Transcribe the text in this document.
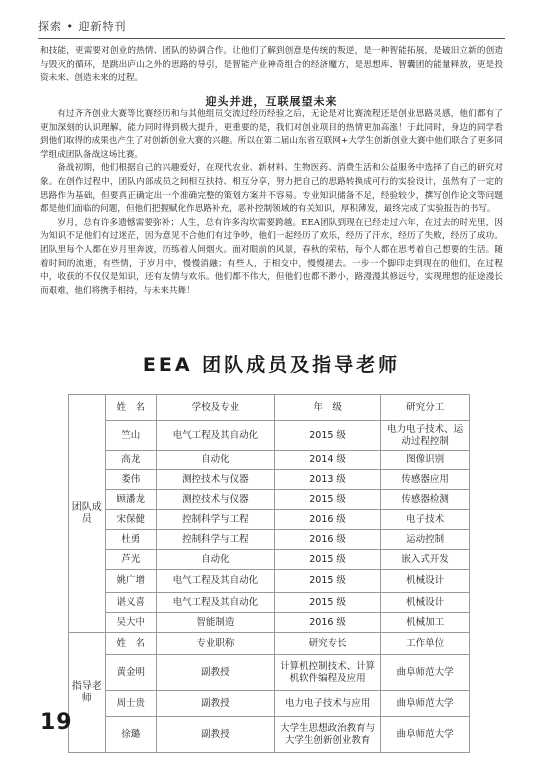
探索 • 迎新特刊
和技能，更需要对创业的热情、团队的协调合作。让他们了解到创意是传统的叛逆，是一种智能拓展，是破旧立新的创造与毁灭的循环，是跳出庐山之外的思路的导引，是智能产业神奇组合的经济魔方，是思想库、智囊团的能量释放，更是投资未来、创造未来的过程。
迎头并进，互联展望未来

有过齐齐创业大赛等比赛经历和与其他组员交流过经历经验之后，无论是对比赛流程还是创业思路灵感，他们都有了更加深刻的认识理解，能力同时得到极大提升，更重要的是，我们对创业项目的热情更加高涨！于此同时，身边的同学看到他们取得的成果也产生了对创新创业大赛的兴趣。所以在第二届山东省互联网+大学生创新创业大赛中他们联合了更多同学组成团队备战这场比赛。

备战初期，他们根据自己的兴趣爱好，在现代农业、新材料、生物医药、消费生活和公益服务中选择了自己的研究对象。在创作过程中，团队内部成员之间相互扶持、相互分享，努力把自己的思路转换成可行的实验设计，虽然有了一定的思路作为基础，但要真正确定出一个准确完整的策划方案并不容易。专业知识储备不足，经验较少，撰写创作论文等问题都是他们面临的问题，但他们把握赋化作思路补充，恶补控制领域的有关知识，厚积薄发，最终完成了实验报告的书写。

岁月，总有许多遗憾需要弥补；人生，总有许多沟坎需要跨越。EEA团队到现在已经走过六年，在过去的时光里，因为知识不足他们有过迷茫，因为意见不合他们有过争吵，他们一起经历了欢乐，经历了汗水，经历了失败，经历了成功。团队里每个人都在岁月里奔波，历练着人间烟火。面对眼前的风景，春秋的荣枯，每个人都在思考着自己想要的生活。随着时间的流逝，有些情，于岁月中，慢慢消融；有些人，于相交中，慢慢褪去。一步一个脚印走到现在的他们，在过程中，收获的不仅仅是知识，还有友情与欢乐。他们都不伟大，但他们也都不渺小，路漫漫其修远兮，实现理想的征途漫长而艰难，他们将携手相持，与未来共舞！

EEA 团队成员及指导老师
团队成员	姓　名	学校及专业	年　级	研究分工
	竺山	电气工程及其自动化	2015 级	电力电子技术、运动过程控制
	高龙	自动化	2014 级	图像识别
	娄伟	测控技术与仪器	2013 级	传感器应用
	顾潘龙	测控技术与仪器	2015 级	传感器检测
	宋保健	控制科学与工程	2016 级	电子技术
	杜勇	控制科学与工程	2016 级	运动控制
	芦光	自动化	2015 级	嵌入式开发
	姚广增	电气工程及其自动化	2015 级	机械设计
	谌义喜	电气工程及其自动化	2015 级	机械设计
	吴大中	智能制造	2016 级	机械加工
指导老师	姓　名	专业职称	研究专长	工作单位
	黄金明	副教授	计算机控制技术、计算机软件编程及应用	曲阜师范大学
	周士贵	副教授	电力电子技术与应用	曲阜师范大学
	徐璐	副教授	大学生思想政治教育与大学生创新创业教育	曲阜师范大学
19
